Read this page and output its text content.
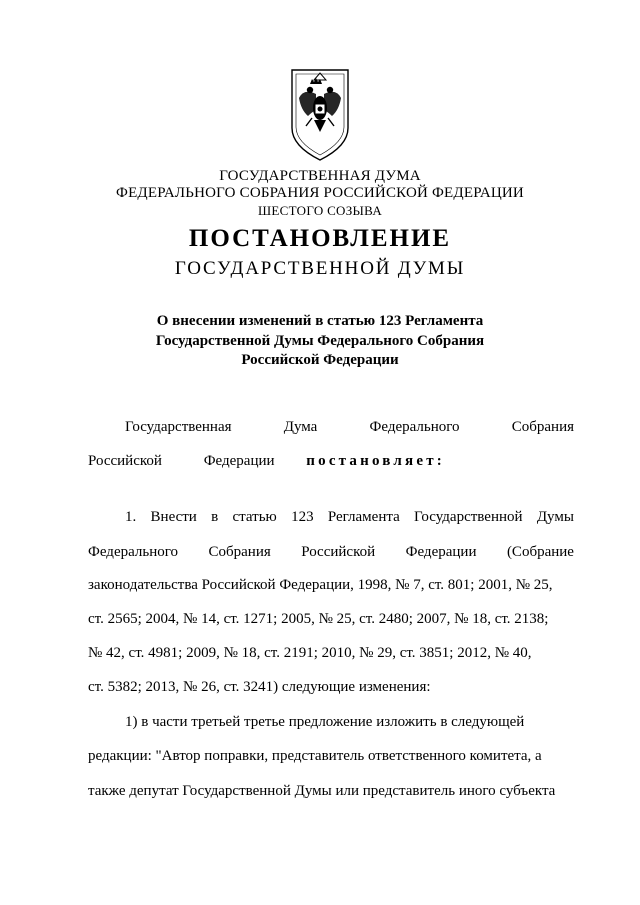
ГОСУДАРСТВЕННАЯ ДУМА
ФЕДЕРАЛЬНОГО СОБРАНИЯ РОССИЙСКОЙ ФЕДЕРАЦИИ
ШЕСТОГО СОЗЫВА
ПОСТАНОВЛЕНИЕ
ГОСУДАРСТВЕННОЙ ДУМЫ
О внесении изменений в статью 123 Регламента
Государственной Думы Федерального Собрания
Российской Федерации
Государственная	Дума	Федерального	Собрания
Российской	Федерации постановляет:
1. Внести в статью 123 Регламента Государственной Думы
Федерального Собрания Российской Федерации (Собрание
законодательства Российской Федерации, 1998, № 7, ст. 801; 2001, № 25,
ст. 2565; 2004, № 14, ст. 1271; 2005, № 25, ст. 2480; 2007, № 18, ст. 2138;
№ 42, ст. 4981; 2009, № 18, ст. 2191; 2010, № 29, ст. 3851; 2012, № 40,
ст. 5382; 2013, № 26, ст. 3241) следующие изменения:
1) в части третьей третье предложение изложить в следующей
редакции: "Автор поправки, представитель ответственного комитета, а
также депутат Государственной Думы или представитель иного субъекта
